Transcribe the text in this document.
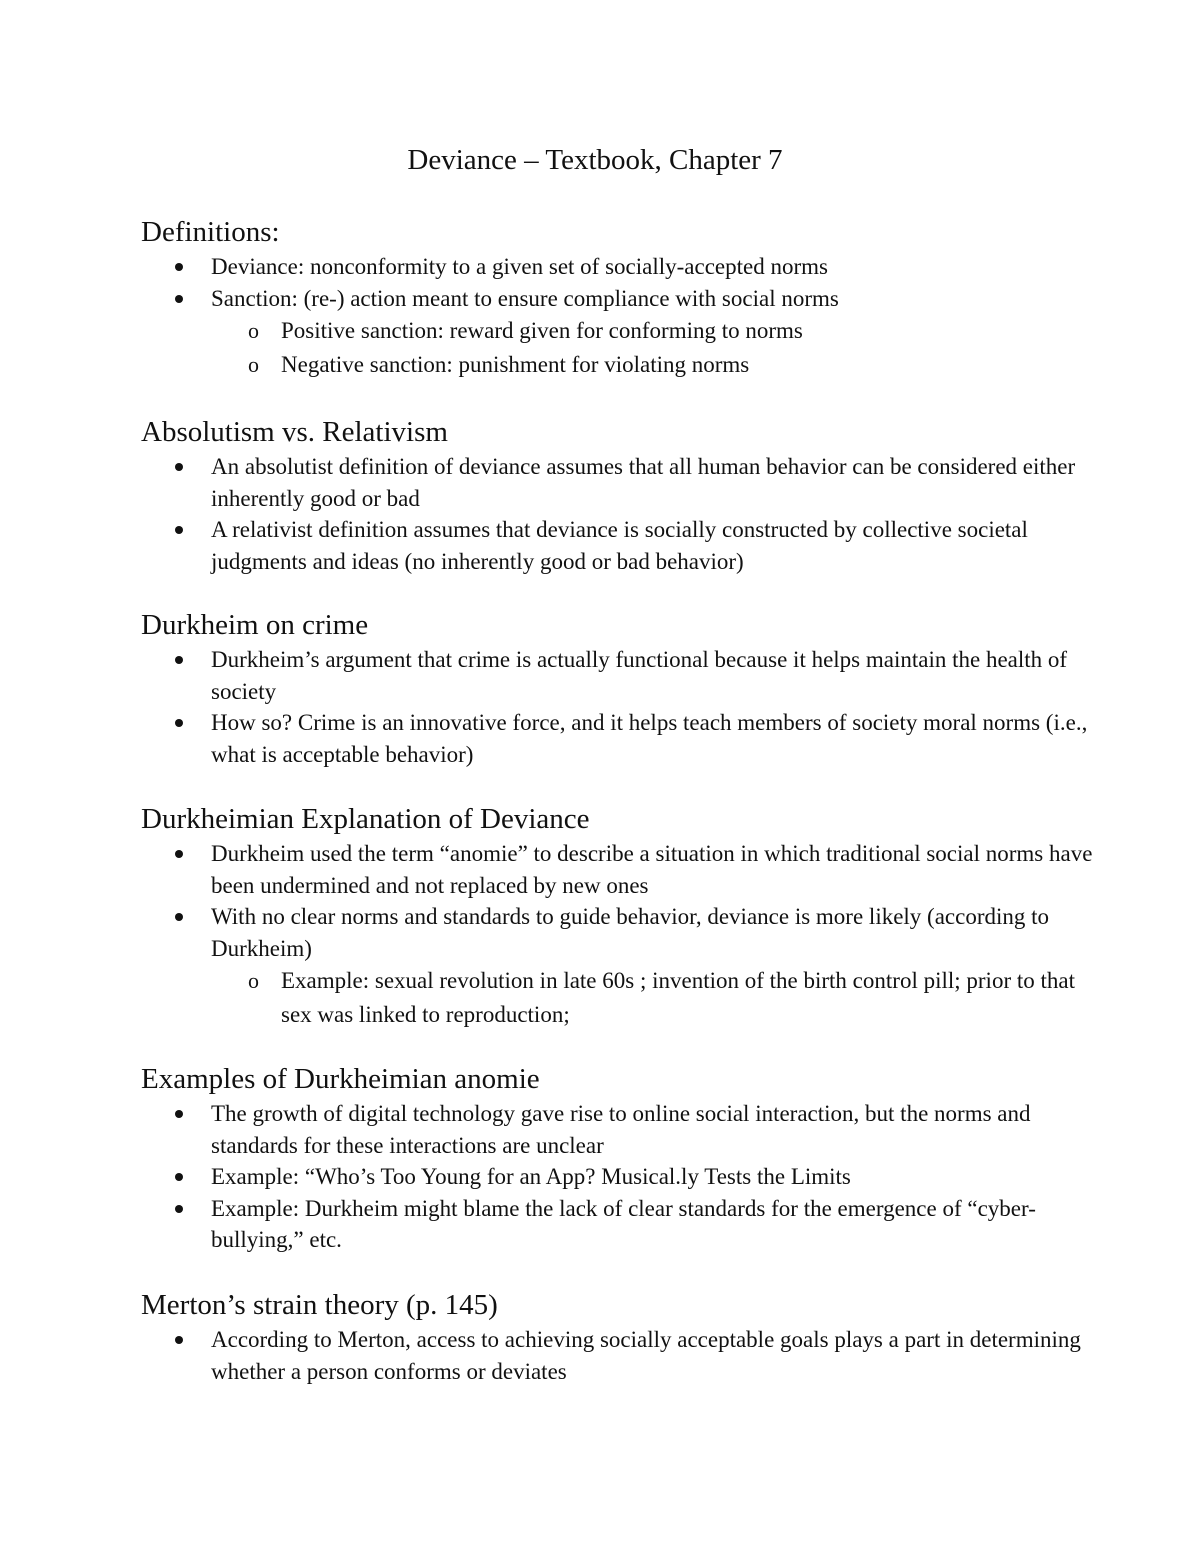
Deviance – Textbook, Chapter 7
Definitions:
Deviance: nonconformity to a given set of socially-accepted norms
Sanction: (re-) action meant to ensure compliance with social norms
o Positive sanction: reward given for conforming to norms
o Negative sanction: punishment for violating norms
Absolutism vs. Relativism
An absolutist definition of deviance assumes that all human behavior can be considered either inherently good or bad
A relativist definition assumes that deviance is socially constructed by collective societal judgments and ideas (no inherently good or bad behavior)
Durkheim on crime
Durkheim’s argument that crime is actually functional because it helps maintain the health of society
How so? Crime is an innovative force, and it helps teach members of society moral norms (i.e., what is acceptable behavior)
Durkheimian Explanation of Deviance
Durkheim used the term “anomie” to describe a situation in which traditional social norms have been undermined and not replaced by new ones
With no clear norms and standards to guide behavior, deviance is more likely (according to Durkheim)
o Example: sexual revolution in late 60s ; invention of the birth control pill; prior to that sex was linked to reproduction;
Examples of Durkheimian anomie
The growth of digital technology gave rise to online social interaction, but the norms and standards for these interactions are unclear
Example: “Who’s Too Young for an App? Musical.ly Tests the Limits
Example: Durkheim might blame the lack of clear standards for the emergence of “cyber-bullying,” etc.
Merton’s strain theory (p. 145)
According to Merton, access to achieving socially acceptable goals plays a part in determining whether a person conforms or deviates
